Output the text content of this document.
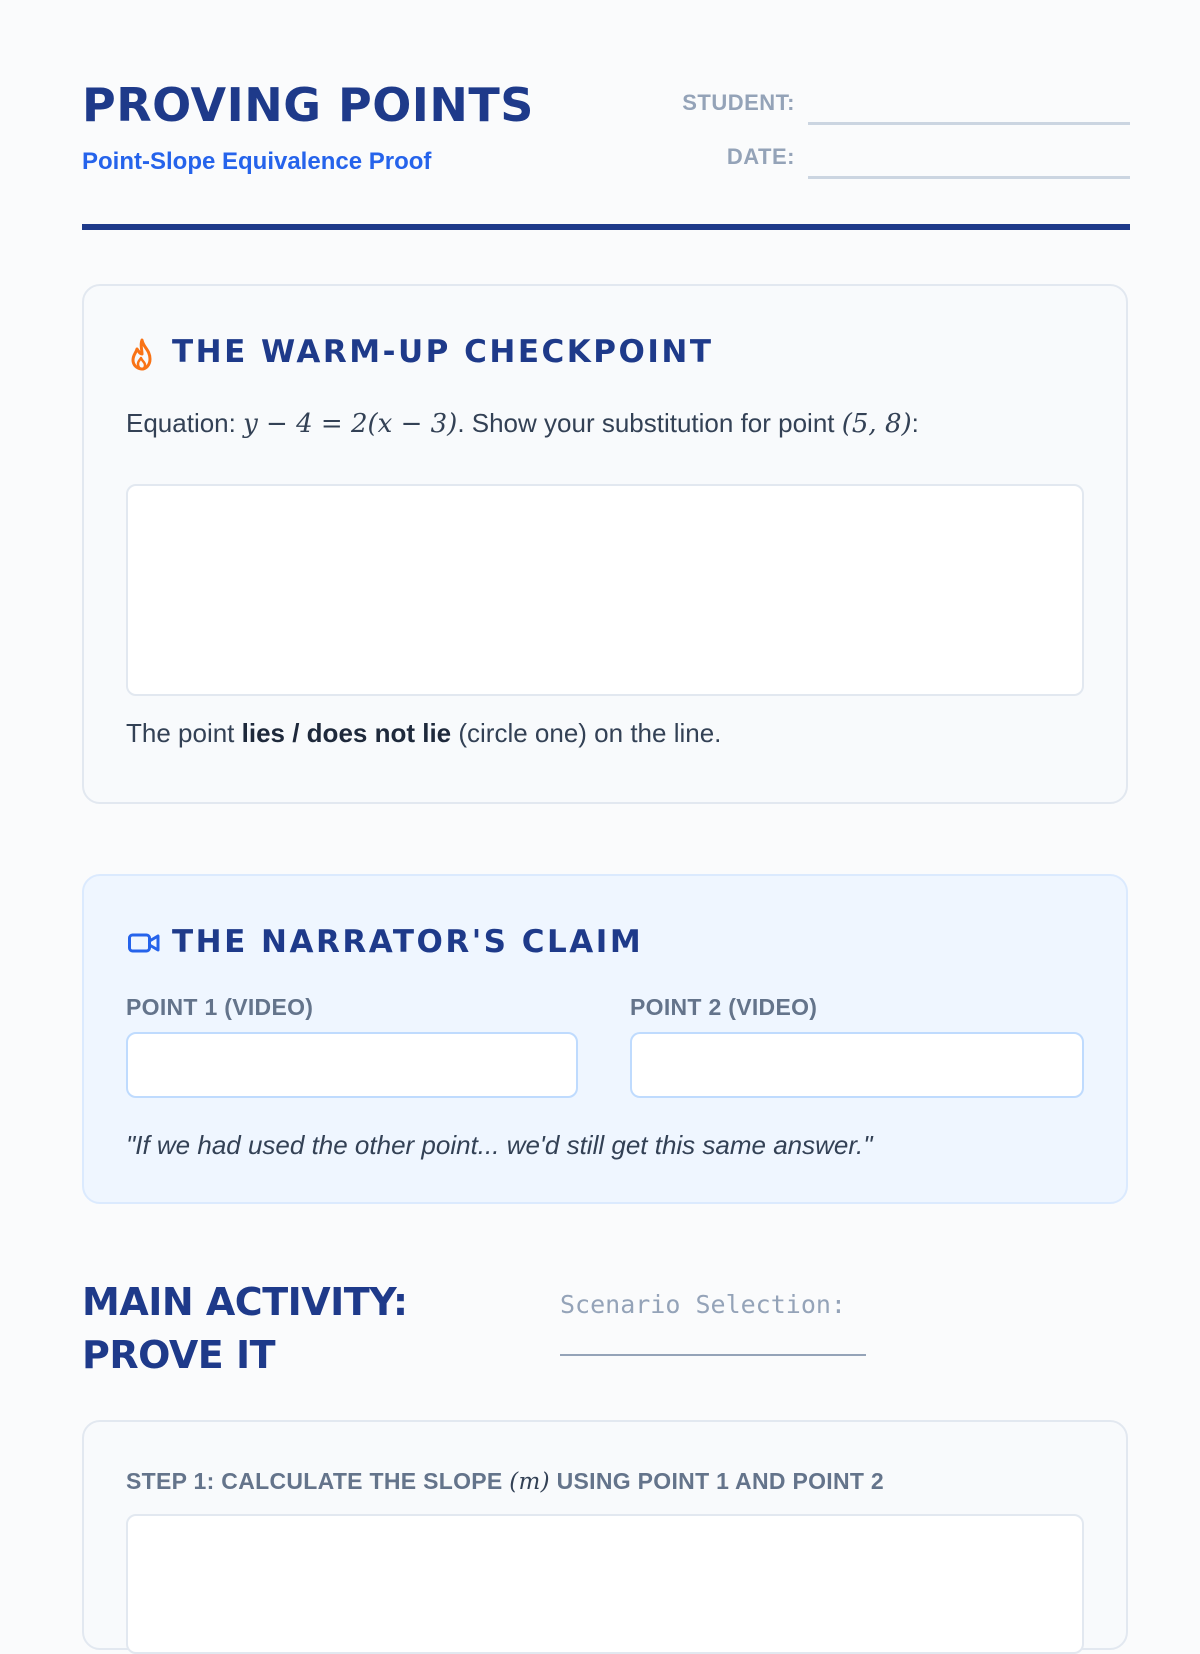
PROVING POINTS
Point-Slope Equivalence Proof
STUDENT:
DATE:
THE WARM-UP CHECKPOINT
Equation: y − 4 = 2(x − 3). Show your substitution for point (5, 8):
The point lies / does not lie (circle one) on the line.
THE NARRATOR'S CLAIM
POINT 1 (VIDEO)	POINT 2 (VIDEO)
"If we had used the other point... we'd still get this same answer."
MAIN ACTIVITY:
PROVE IT
Scenario Selection:
STEP 1: CALCULATE THE SLOPE (m) USING POINT 1 AND POINT 2
